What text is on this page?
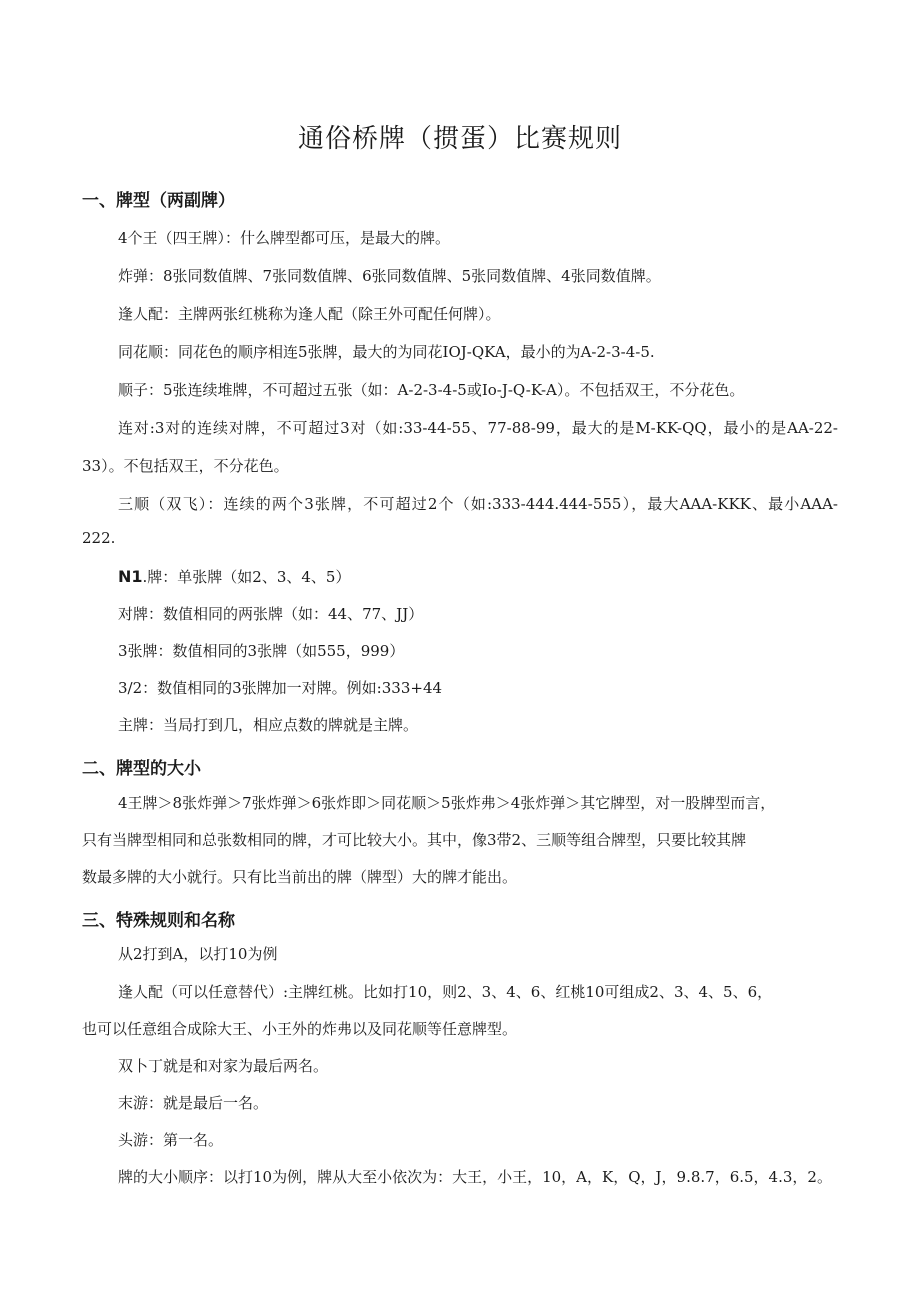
通俗桥牌（掼蛋）比赛规则
一、牌型（两副牌）

4个王（四王牌）：什么牌型都可压，是最大的牌。

炸弹：8张同数值牌、7张同数值牌、6张同数值牌、5张同数值牌、4张同数值牌。

逢人配：主牌两张红桃称为逢人配（除王外可配任何牌）。

同花顺：同花色的顺序相连5张牌，最大的为同花IOJ-QKA，最小的为A-2-3-4-5.

顺子：5张连续堆牌，不可超过五张（如：A-2-3-4-5或Io-J-Q-K-A）。不包括双王，不分花色。

连对:3对的连续对牌，不可超过3对（如:33-44-55、77-88-99，最大的是M-KK-QQ，最小的是AA-22-

33）。不包括双王，不分花色。

三顺（双飞）：连续的两个3张牌，不可超过2个（如:333-444.444-555），最大AAA-KKK、最小AAA-

222.

N1.牌：单张牌（如2、3、4、5）

对牌：数值相同的两张牌（如：44、77、JJ）

3张牌：数值相同的3张牌（如555，999）

3/2：数值相同的3张牌加一对牌。例如:333+44

主牌：当局打到几，相应点数的牌就是主牌。

二、牌型的大小

4王牌＞8张炸弹＞7张炸弹＞6张炸即＞同花顺＞5张炸弗＞4张炸弹＞其它牌型，对一股牌型而言，

只有当牌型相同和总张数相同的牌，才可比较大小。其中，像3带2、三顺等组合牌型，只要比较其牌

数最多牌的大小就行。只有比当前出的牌（牌型）大的牌才能出。

三、特殊规则和名称

从2打到A，以打10为例

逢人配（可以任意替代）:主牌红桃。比如打10，则2、3、4、6、红桃10可组成2、3、4、5、6，

也可以任意组合成除大王、小王外的炸弗以及同花顺等任意牌型。

双卜丁就是和对家为最后两名。

末游：就是最后一名。

头游：第一名。

牌的大小顺序：以打10为例，牌从大至小依次为：大王，小王，10，A，K，Q，J，9.8.7，6.5，4.3，2。
